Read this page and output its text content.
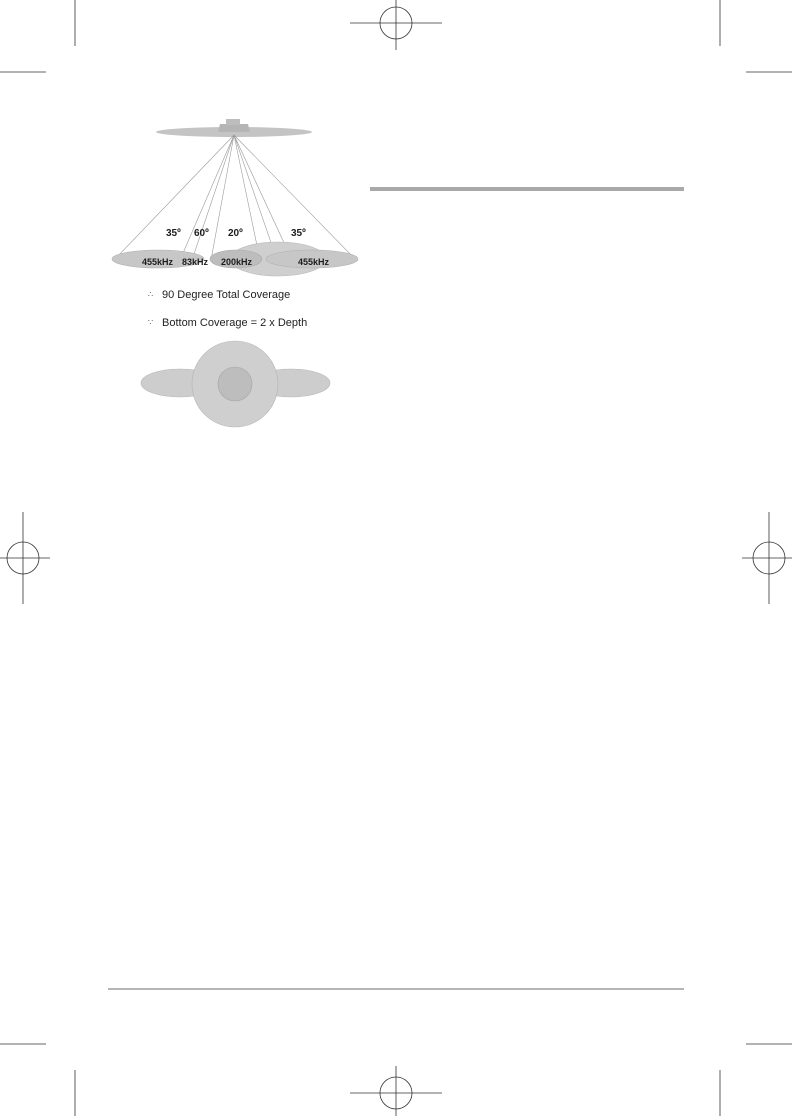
35º 60º 20º	35º
455kHz 83kHz 200kHz	455kHz
∴ 90 Degree Total Coverage
∵ Bottom Coverage = 2 x Depth
